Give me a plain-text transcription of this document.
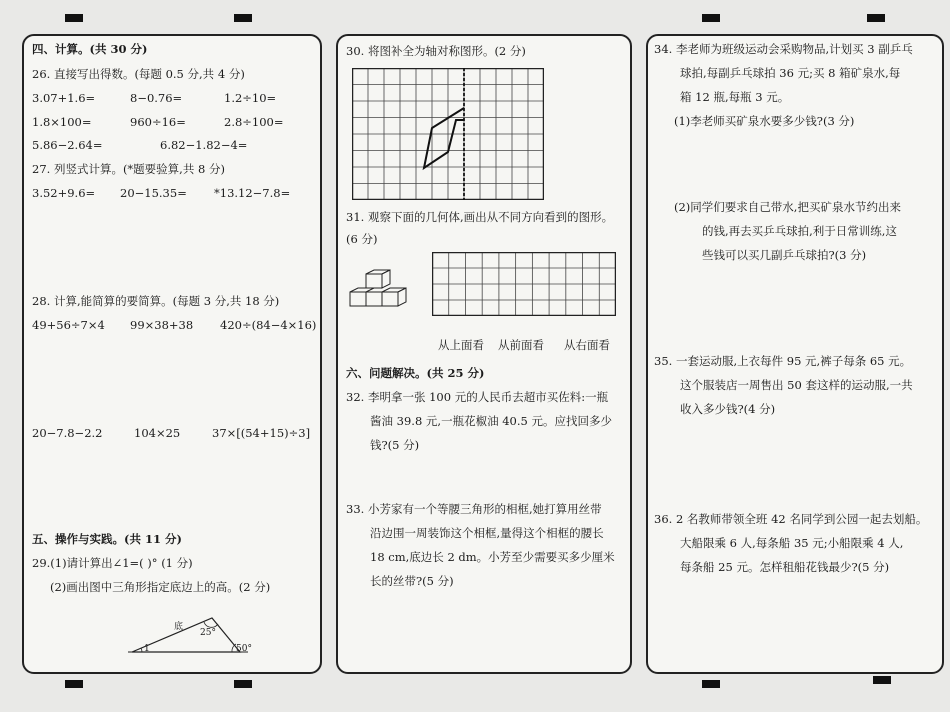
四、计算。(共 30 分)
26. 直接写出得数。(每题 0.5 分,共 4 分)
3.07+1.6=	8−0.76=	1.2÷10=
1.8×100=	960÷16=	2.8÷100=
5.86−2.64=	6.82−1.82−4=
27. 列竖式计算。(*题要验算,共 8 分)
3.52+9.6= 20−15.35= *13.12−7.8=
28. 计算,能简算的要简算。(每题 3 分,共 18 分)
49+56÷7×4 99×38+38 420÷(84−4×16)
20−7.8−2.2	104×25	37×[(54+15)÷3]
五、操作与实践。(共 11 分)
29.(1)请计算出∠1=( )° (1 分)
(2)画出图中三角形指定底边上的高。(2 分)
底
25°
50°
1
30. 将图补全为轴对称图形。(2 分)
31. 观察下面的几何体,画出从不同方向看到的图形。
(6 分)
从上面看 从前面看 从右面看
六、问题解决。(共 25 分)
32. 李明拿一张 100 元的人民币去超市买佐料:一瓶
酱油 39.8 元,一瓶花椒油 40.5 元。应找回多少
钱?(5 分)
33. 小芳家有一个等腰三角形的相框,她打算用丝带
沿边围一周装饰这个相框,量得这个相框的腰长
18 cm,底边长 2 dm。小芳至少需要买多少厘米
长的丝带?(5 分)
34. 李老师为班级运动会采购物品,计划买 3 副乒乓
球拍,每副乒乓球拍 36 元;买 8 箱矿泉水,每
箱 12 瓶,每瓶 3 元。
(1)李老师买矿泉水要多少钱?(3 分)
(2)同学们要求自己带水,把买矿泉水节约出来
的钱,再去买乒乓球拍,利于日常训练,这
些钱可以买几副乒乓球拍?(3 分)
35. 一套运动服,上衣每件 95 元,裤子每条 65 元。
这个服装店一周售出 50 套这样的运动服,一共
收入多少钱?(4 分)
36. 2 名教师带领全班 42 名同学到公园一起去划船。
大船限乘 6 人,每条船 35 元;小船限乘 4 人,
每条船 25 元。怎样租船花钱最少?(5 分)
